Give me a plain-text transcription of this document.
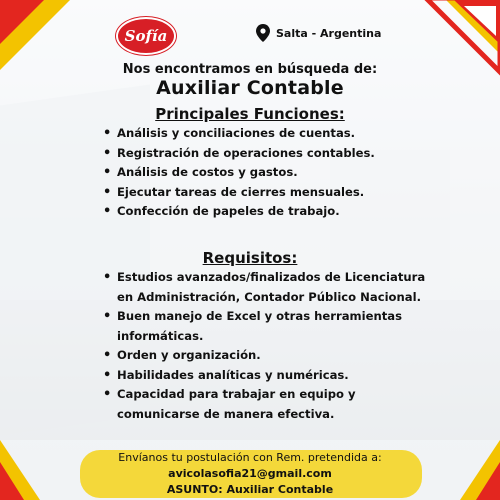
Sofía	Salta - Argentina
Nos encontramos en búsqueda de:
Auxiliar Contable
Principales Funciones:
• Análisis y conciliaciones de cuentas.
• Registración de operaciones contables.
• Análisis de costos y gastos.
• Ejecutar tareas de cierres mensuales.
• Confección de papeles de trabajo.
Requisitos:
• Estudios avanzados/finalizados de Licenciatura en Administración, Contador Público Nacional.
• Buen manejo de Excel y otras herramientas informáticas.
• Orden y organización.
• Habilidades analíticas y numéricas.
• Capacidad para trabajar en equipo y comunicarse de manera efectiva.
Envíanos tu postulación con Rem. pretendida a:
avicolasofia21@gmail.com
ASUNTO: Auxiliar Contable
